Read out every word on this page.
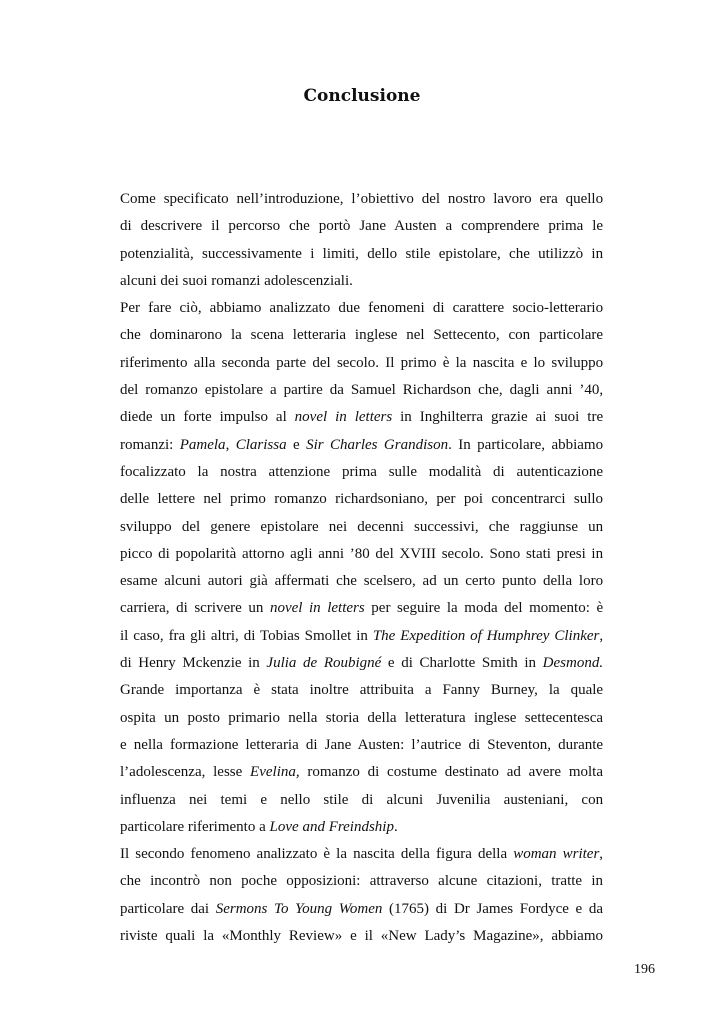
Conclusione
Come specificato nell’introduzione, l’obiettivo del nostro lavoro era quello
di descrivere il percorso che portò Jane Austen a comprendere prima le
potenzialità, successivamente i limiti, dello stile epistolare, che utilizzò in
alcuni dei suoi romanzi adolescenziali.
Per fare ciò, abbiamo analizzato due fenomeni di carattere socio-letterario
che dominarono la scena letteraria inglese nel Settecento, con particolare
riferimento alla seconda parte del secolo. Il primo è la nascita e lo sviluppo
del romanzo epistolare a partire da Samuel Richardson che, dagli anni ’40,
diede un forte impulso al novel in letters in Inghilterra grazie ai suoi tre
romanzi: Pamela, Clarissa e Sir Charles Grandison. In particolare, abbiamo
focalizzato la nostra attenzione prima sulle modalità di autenticazione
delle lettere nel primo romanzo richardsoniano, per poi concentrarci sullo
sviluppo del genere epistolare nei decenni successivi, che raggiunse un
picco di popolarità attorno agli anni ’80 del XVIII secolo. Sono stati presi in
esame alcuni autori già affermati che scelsero, ad un certo punto della loro
carriera, di scrivere un novel in letters per seguire la moda del momento: è
il caso, fra gli altri, di Tobias Smollet in The Expedition of Humphrey Clinker,
di Henry Mckenzie in Julia de Roubigné e di Charlotte Smith in Desmond.
Grande importanza è stata inoltre attribuita a Fanny Burney, la quale
ospita un posto primario nella storia della letteratura inglese settecentesca
e nella formazione letteraria di Jane Austen: l’autrice di Steventon, durante
l’adolescenza, lesse Evelina, romanzo di costume destinato ad avere molta
influenza nei temi e nello stile di alcuni Juvenilia austeniani, con
particolare riferimento a Love and Freindship.
Il secondo fenomeno analizzato è la nascita della figura della woman writer,
che incontrò non poche opposizioni: attraverso alcune citazioni, tratte in
particolare dai Sermons To Young Women (1765) di Dr James Fordyce e da
riviste quali la «Monthly Review» e il «New Lady’s Magazine», abbiamo
196
